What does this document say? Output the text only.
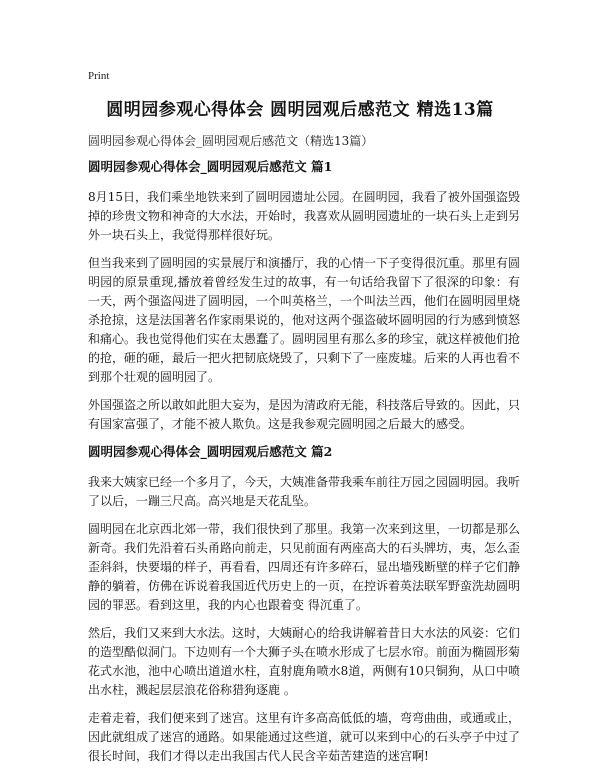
Print
圆明园参观心得体会 圆明园观后感范文 精选13篇
圆明园参观心得体会_圆明园观后感范文（精选13篇）
圆明园参观心得体会_圆明园观后感范文 篇1

8月15日，我们乘坐地铁来到了圆明园遗址公园。在圆明园，我看了被外国强盗毁掉的珍贵文物和神奇的大水法，开始时，我喜欢从圆明园遗址的一块石头上走到另外一块石头上，我觉得那样很好玩。

但当我来到了圆明园的实景展厅和演播厅，我的心情一下子变得很沉重。那里有圆明园的原景重现,播放着曾经发生过的故事，有一句话给我留下了很深的印象：有一天，两个强盗闯进了圆明园，一个叫英格兰，一个叫法兰西，他们在圆明园里烧杀抢掠，这是法国著名作家雨果说的，他对这两个强盗破坏圆明园的行为感到愤怒和痛心。我也觉得他们实在太愚蠢了。圆明园里有那么多的珍宝，就这样被他们抢的抢，砸的砸，最后一把火把韧底烧毁了，只剩下了一座废墟。后来的人再也看不到那个壮观的圆明园了。

外国强盗之所以敢如此胆大妄为，是因为清政府无能，科技落后导致的。因此，只有国家富强了，才能不被人欺负。这是我参观完圆明园之后最大的感受。

圆明园参观心得体会_圆明园观后感范文 篇2

我来大姨家已经一个多月了，今天，大姨准备带我乘车前往万园之园圆明园。我听了以后，一蹦三尺高。高兴地是天花乱坠。

圆明园在北京西北郊一带，我们很快到了那里。我第一次来到这里，一切都是那么新奇。我们先沿着石头甬路向前走，只见前面有两座高大的石头牌坊，夷，怎么歪歪斜斜，快要塌的样子，再看看，四周还有许多碎石，显出墙残断壁的样子它们静静的躺着，仿佛在诉说着我国近代历史上的一页，在控诉着英法联军野蛮洗劫圆明园的罪恶。看到这里，我的内心也跟着变 得沉重了。

然后，我们又来到大水法。这时，大姨耐心的给我讲解着昔日大水法的风姿：它们的造型酷似洞门。下边则有一个大狮子头在喷水形成了七层水帘。前面为椭圆形菊花式水池，池中心喷出道道水柱，直射鹿角喷水8道，两侧有10只铜狗，从口中喷出水柱，溅起层层浪花俗称猎狗逐鹿 。

走着走着，我们便来到了迷宫。这里有许多高高低低的墙，弯弯曲曲，或通或止，因此就组成了迷宫的通路。如果能通过这些道，就可以来到中心的石头亭子中过了很长时间，我们才得以走出我国古代人民含辛茹苦建造的迷宫啊!
